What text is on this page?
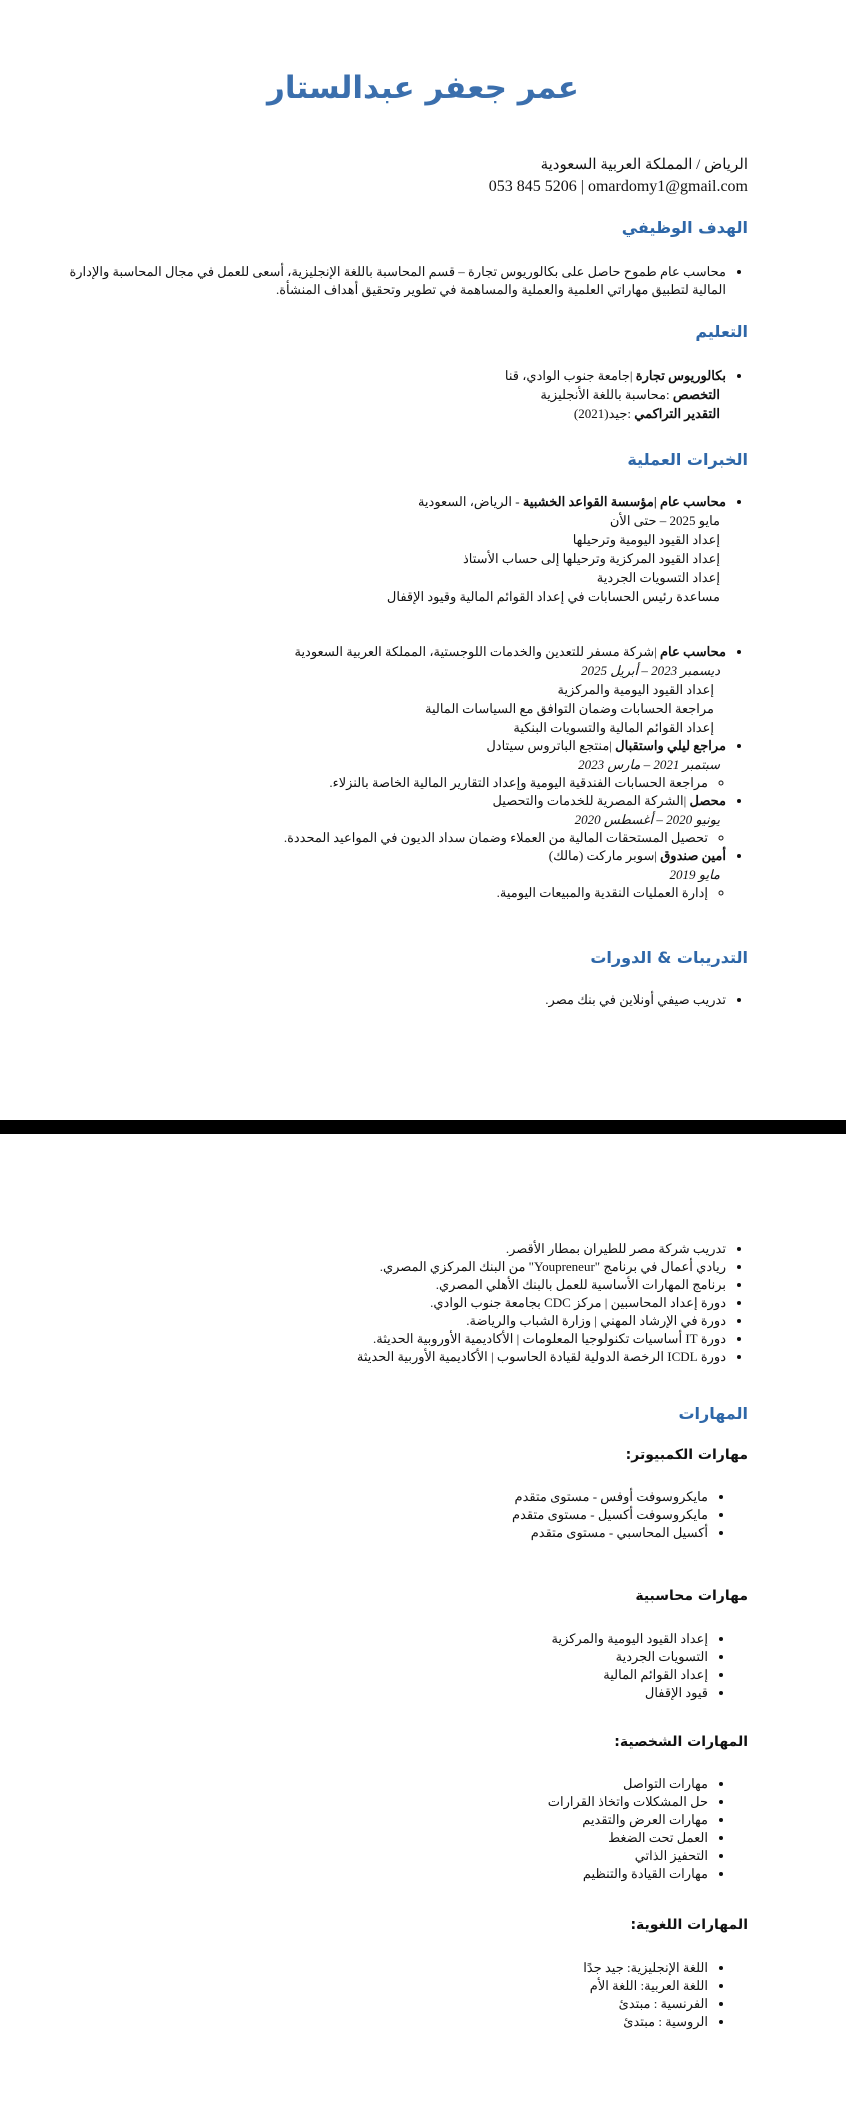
عمر جعفر عبدالستار
الرياض / المملكة العربية السعودية
053 845 5206 | omardomy1@gmail.com
الهدف الوظيفي
• محاسب عام طموح حاصل على بكالوريوس تجارة – قسم المحاسبة باللغة الإنجليزية، أسعى للعمل في مجال المحاسبة والإدارة المالية لتطبيق مهاراتي العلمية والعملية والمساهمة في تطوير وتحقيق أهداف المنشأة.
التعليم
• بكالوريوس تجارة |جامعة جنوب الوادي، قنا
التخصص :محاسبة باللغة الأنجليزية
التقدير التراكمي :جيد(2021)
الخبرات العملية
• محاسب عام |مؤسسة القواعد الخشبية - الرياض، السعودية
مايو 2025 – حتى الأن
إعداد القيود اليومية وترحيلها
إعداد القيود المركزية وترحيلها إلى حساب الأستاذ
إعداد التسويات الجردية
مساعدة رئيس الحسابات في إعداد القوائم المالية وقيود الإقفال
• محاسب عام |شركة مسفر للتعدين والخدمات اللوجستية، المملكة العربية السعودية
ديسمبر 2023 – أبريل 2025
إعداد القيود اليومية والمركزية
مراجعة الحسابات وضمان التوافق مع السياسات المالية
إعداد القوائم المالية والتسويات البنكية
• مراجع ليلي واستقبال |منتجع الباتروس سيتادل
سبتمبر 2021 – مارس 2023
◦ مراجعة الحسابات الفندقية اليومية وإعداد التقارير المالية الخاصة بالنزلاء.
• محصل |الشركة المصرية للخدمات والتحصيل
يونيو 2020 – أغسطس 2020
◦ تحصيل المستحقات المالية من العملاء وضمان سداد الديون في المواعيد المحددة.
• أمين صندوق |سوبر ماركت (مالك)
مايو 2019
◦ إدارة العمليات النقدية والمبيعات اليومية.
التدريبات & الدورات
• تدريب صيفي أونلاين في بنك مصر.
• تدريب شركة مصر للطيران بمطار الأقصر.
• ريادي أعمال في برنامج "Youpreneur" من البنك المركزي المصري.
• برنامج المهارات الأساسية للعمل بالبنك الأهلي المصري.
• دورة إعداد المحاسبين | مركز CDC بجامعة جنوب الوادي.
• دورة في الإرشاد المهني | وزارة الشباب والرياضة.
• دورة IT أساسيات تكنولوجيا المعلومات | الأكاديمية الأوروبية الحديثة.
• دورة ICDL الرخصة الدولية لقيادة الحاسوب | الأكاديمية الأوربية الحديثة
المهارات
مهارات الكمبيوتر:
• مايكروسوفت أوفس - مستوى متقدم
• مايكروسوفت أكسيل - مستوى متقدم
• أكسيل المحاسبي - مستوى متقدم
مهارات محاسبية
• إعداد القيود اليومية والمركزية
• التسويات الجردية
• إعداد القوائم المالية
• قيود الإقفال
المهارات الشخصية:
• مهارات التواصل
• حل المشكلات واتخاذ القرارات
• مهارات العرض والتقديم
• العمل تحت الضغط
• التحفيز الذاتي
• مهارات القيادة والتنظيم
المهارات اللغوية:
• اللغة الإنجليزية: جيد جدًا
• اللغة العربية: اللغة الأم
• الفرنسية : مبتدئ
• الروسية : مبتدئ
